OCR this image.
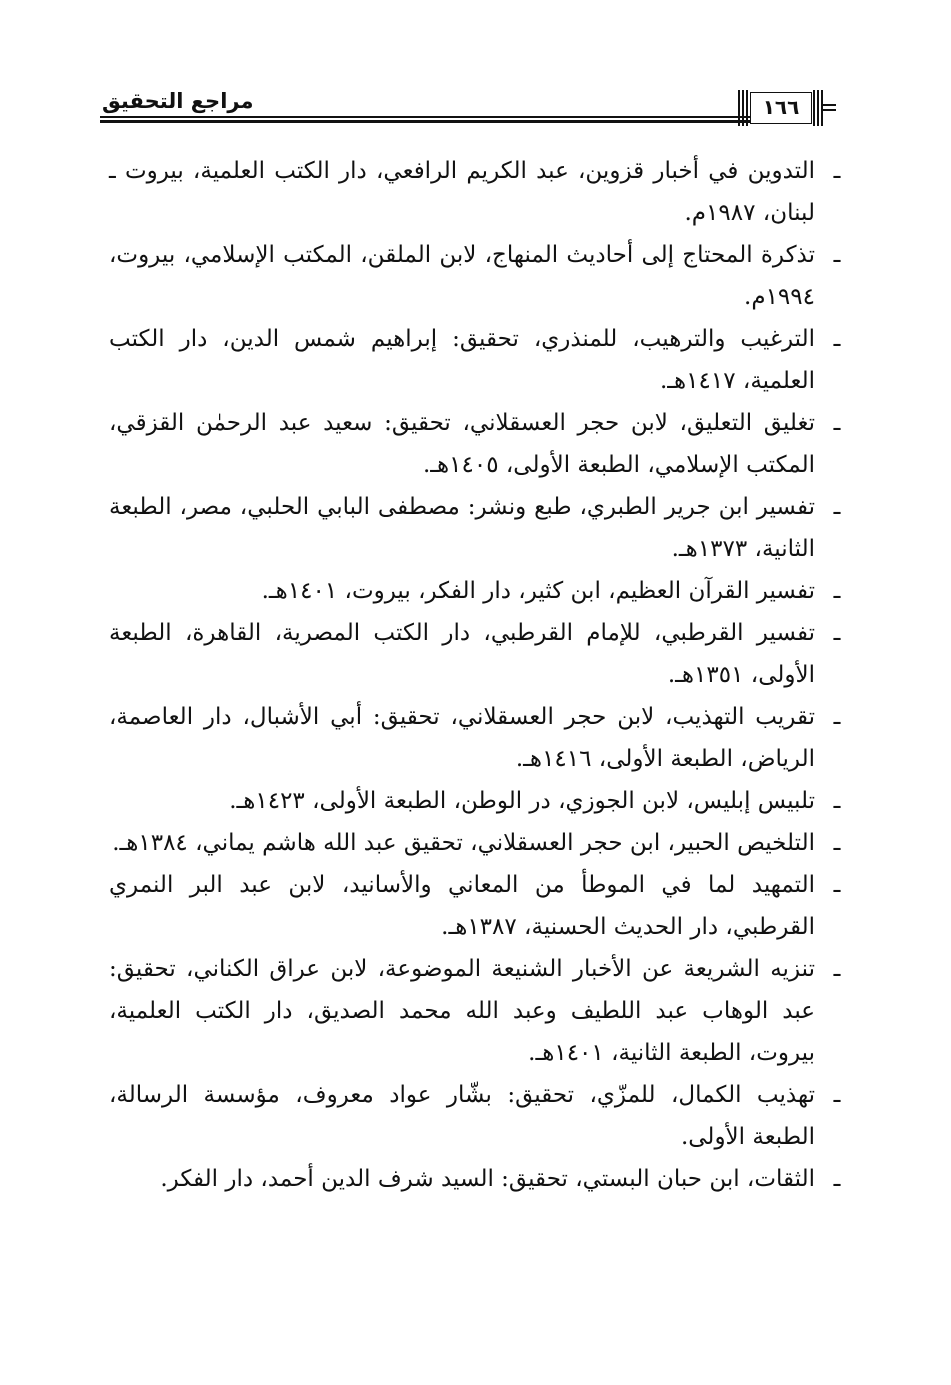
مراجع التحقيق	١٦٦
ـ
التدوين في أخبار قزوين، عبد الكريم الرافعي، دار الكتب العلمية، بيروت ـ لبنان، ١٩٨٧م.
ـ
تذكرة المحتاج إلى أحاديث المنهاج، لابن الملقن، المكتب الإسلامي، بيروت، ١٩٩٤م.
ـ
الترغيب والترهيب، للمنذري، تحقيق: إبراهيم شمس الدين، دار الكتب العلمية، ١٤١٧هـ.
ـ
تغليق التعليق، لابن حجر العسقلاني، تحقيق: سعيد عبد الرحمٰن القزقي، المكتب الإسلامي، الطبعة الأولى، ١٤٠٥هـ.
ـ
تفسير ابن جرير الطبري، طبع ونشر: مصطفى البابي الحلبي، مصر، الطبعة الثانية، ١٣٧٣هـ.
ـ
تفسير القرآن العظيم، ابن كثير، دار الفكر، بيروت، ١٤٠١هـ.
ـ
تفسير القرطبي، للإمام القرطبي، دار الكتب المصرية، القاهرة، الطبعة الأولى، ١٣٥١هـ.
ـ
تقريب التهذيب، لابن حجر العسقلاني، تحقيق: أبي الأشبال، دار العاصمة، الرياض، الطبعة الأولى، ١٤١٦هـ.
ـ
تلبيس إبليس، لابن الجوزي، در الوطن، الطبعة الأولى، ١٤٢٣هـ.
ـ
التلخيص الحبير، ابن حجر العسقلاني، تحقيق عبد الله هاشم يماني، ١٣٨٤هـ.
ـ
التمهيد لما في الموطأ من المعاني والأسانيد، لابن عبد البر النمري القرطبي، دار الحديث الحسنية، ١٣٨٧هـ.
ـ
تنزيه الشريعة عن الأخبار الشنيعة الموضوعة، لابن عراق الكناني، تحقيق: عبد الوهاب عبد اللطيف وعبد الله محمد الصديق، دار الكتب العلمية، بيروت، الطبعة الثانية، ١٤٠١هـ.
ـ
تهذيب الكمال، للمزّي، تحقيق: بشّار عواد معروف، مؤسسة الرسالة، الطبعة الأولى.
ـ
الثقات، ابن حبان البستي، تحقيق: السيد شرف الدين أحمد، دار الفكر.
